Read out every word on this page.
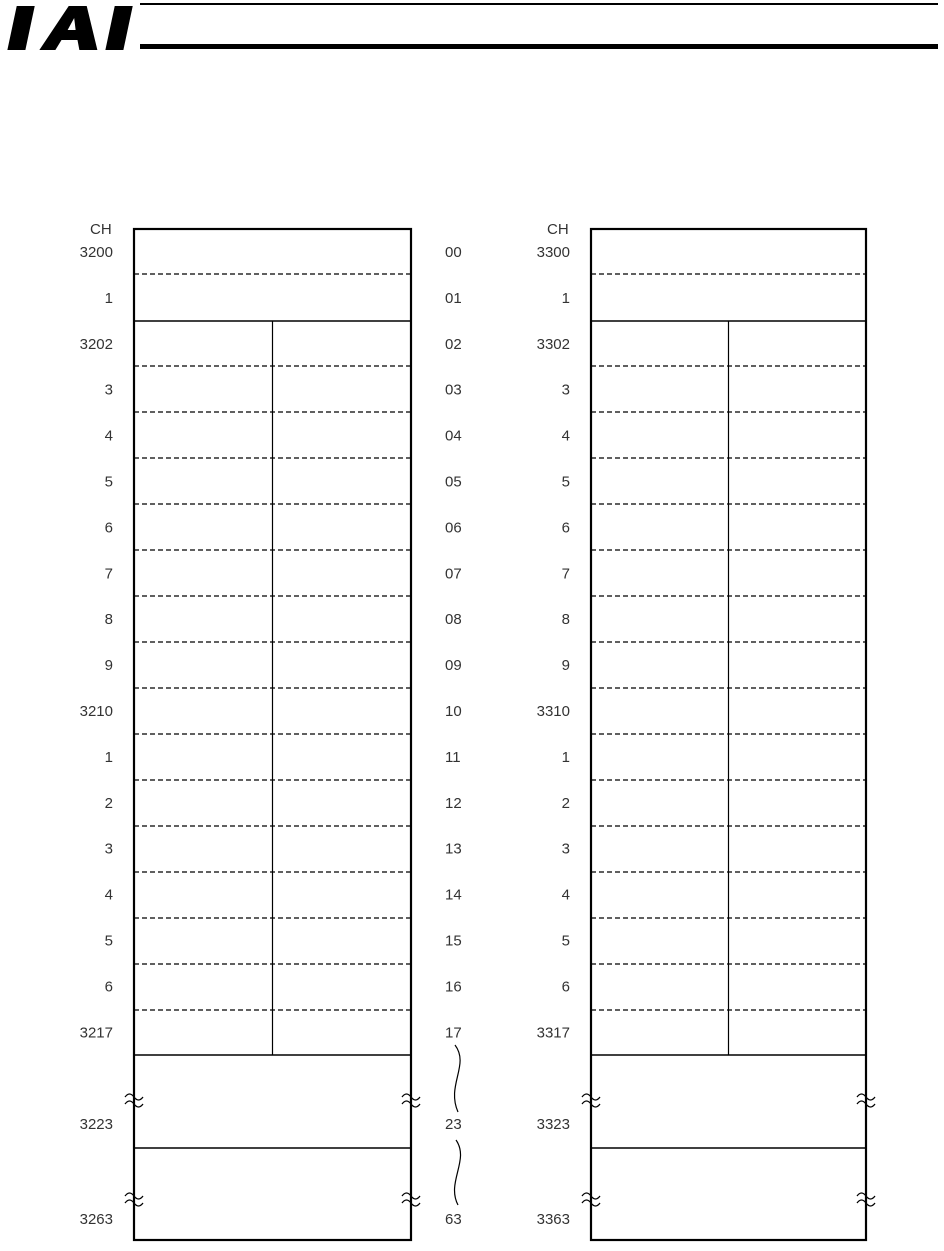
CH
3200
1
3202
3
4
5
6
7
8
9
3210
1
2
3
4
5
6
3217
3223
3263
CH
3300
1
3302
3
4
5
6
7
8
9
3310
1
2
3
4
5
6
3317
3323
3363
00
01
02
03
04
05
06
07
08
09
10
11
12
13
14
15
16
17
23
63
